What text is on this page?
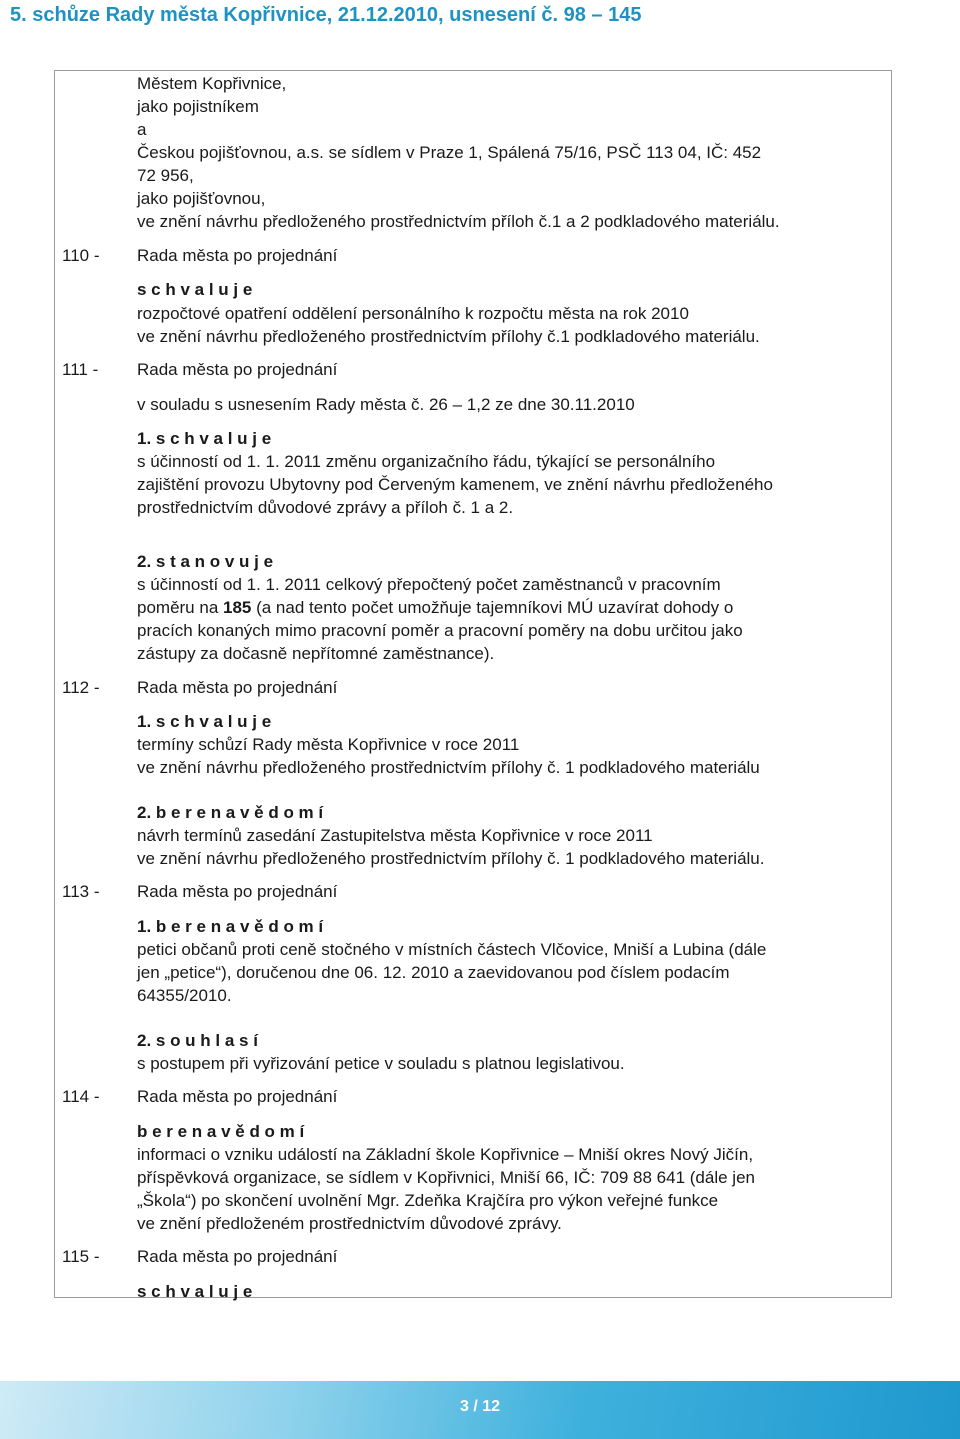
5. schůze Rady města Kopřivnice, 21.12.2010, usnesení č. 98 – 145

Městem Kopřivnice,

jako pojistníkem

a

Českou pojišťovnou, a.s. se sídlem v Praze 1, Spálená 75/16, PSČ 113 04, IČ: 452

72 956,

jako pojišťovnou,

ve znění návrhu předloženého prostřednictvím příloh č.1 a 2 podkladového materiálu.

110 - Rada města po projednání

s c h v a l u j e

rozpočtové opatření oddělení personálního k rozpočtu města na rok 2010

ve znění návrhu předloženého prostřednictvím přílohy č.1 podkladového materiálu.

111 - Rada města po projednání

v souladu s usnesením Rady města č. 26 – 1,2 ze dne 30.11.2010

1. s c h v a l u j e

s účinností od 1. 1. 2011 změnu organizačního řádu, týkající se personálního

zajištění provozu Ubytovny pod Červeným kamenem, ve znění návrhu předloženého

prostřednictvím důvodové zprávy a příloh č. 1 a 2.

2. s t a n o v u j e

s účinností od 1. 1. 2011 celkový přepočtený počet zaměstnanců v pracovním

poměru na 185 (a nad tento počet umožňuje tajemníkovi MÚ uzavírat dohody o

pracích konaných mimo pracovní poměr a pracovní poměry na dobu určitou jako

zástupy za dočasně nepřítomné zaměstnance).

112 - Rada města po projednání

1. s c h v a l u j e

termíny schůzí Rady města Kopřivnice v roce 2011

ve znění návrhu předloženého prostřednictvím přílohy č. 1 podkladového materiálu

2. b e r e n a v ě d o m í

návrh termínů zasedání Zastupitelstva města Kopřivnice v roce 2011

ve znění návrhu předloženého prostřednictvím přílohy č. 1 podkladového materiálu.

113 - Rada města po projednání

1. b e r e n a v ě d o m í

petici občanů proti ceně stočného v místních částech Vlčovice, Mniší a Lubina (dále

jen „petice“), doručenou dne 06. 12. 2010 a zaevidovanou pod číslem podacím

64355/2010.

2. s o u h l a s í

s postupem při vyřizování petice v souladu s platnou legislativou.

114 - Rada města po projednání

b e r e n a v ě d o m í

informaci o vzniku událostí na Základní škole Kopřivnice – Mniší okres Nový Jičín,

příspěvková organizace, se sídlem v Kopřivnici, Mniší 66, IČ: 709 88 641 (dále jen

„Škola“) po skončení uvolnění Mgr. Zdeňka Krajčíra pro výkon veřejné funkce

ve znění předloženém prostřednictvím důvodové zprávy.

115 - Rada města po projednání

s c h v a l u j e

3 / 12
